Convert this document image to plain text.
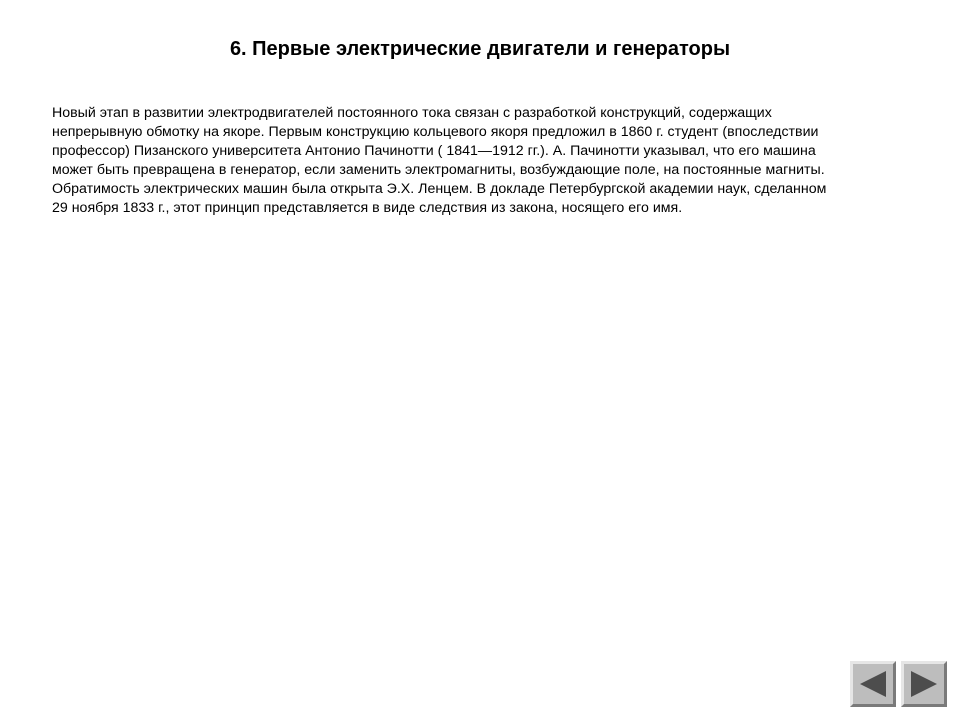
6. Первые электрические двигатели и генераторы

Новый этап в развитии электродвигателей постоянного тока связан с разработкой конструкций, содержащих
непрерывную обмотку на якоре. Первым конструкцию кольцевого якоря предложил в 1860 г. студент (впоследствии
профессор) Пизанского университета Антонио Пачинотти ( 1841—1912 гг.). А. Пачинотти указывал, что его машина
может быть превращена в генератор, если заменить электромагниты, возбуждающие поле, на постоянные магниты.
Обратимость электрических машин была открыта Э.Х. Ленцем. В докладе Петербургской академии наук, сделанном
29 ноября 1833 г., этот принцип представляется в виде следствия из закона, носящего его имя.
